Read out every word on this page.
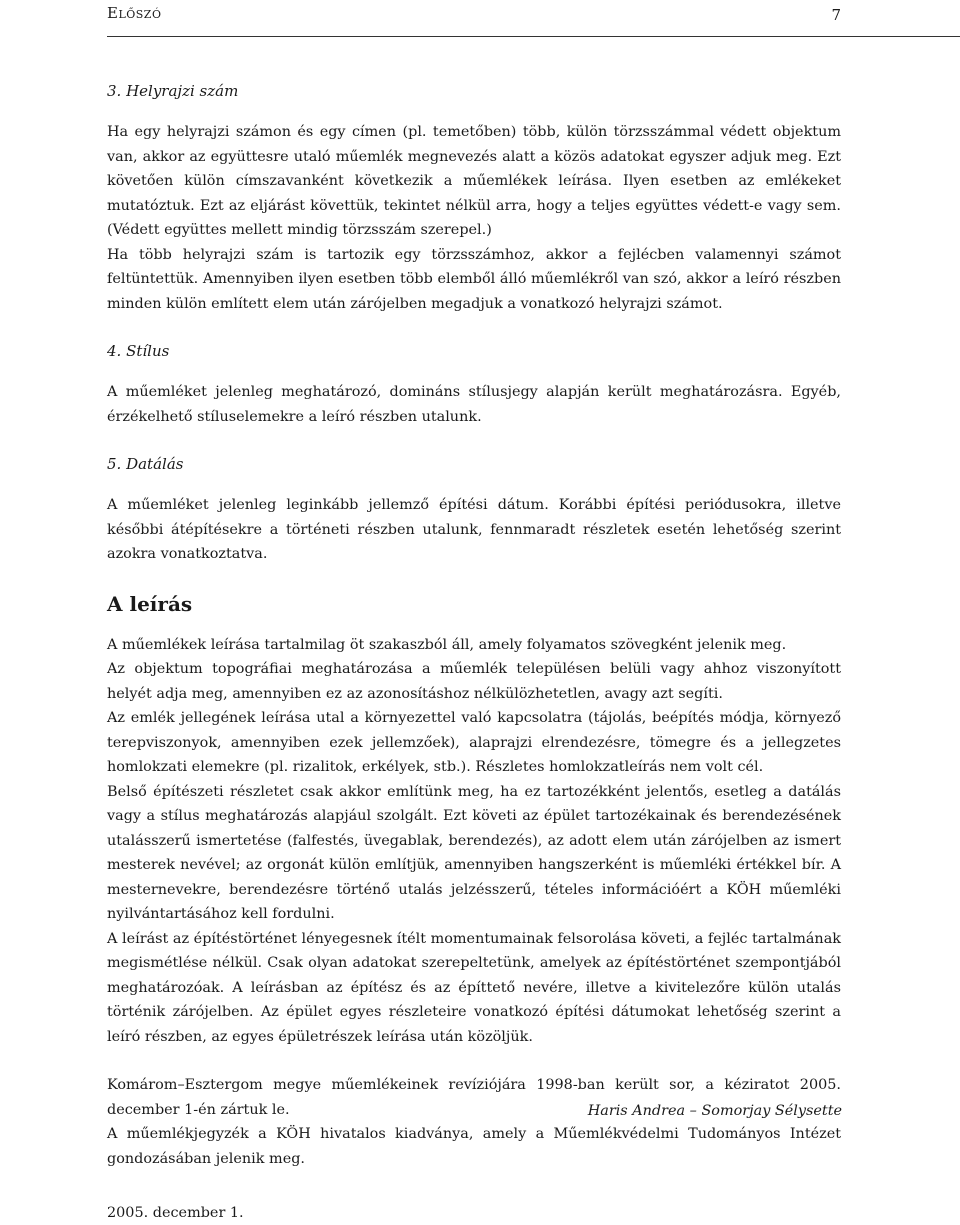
Előszó	7
3. Helyrajzi szám

Ha egy helyrajzi számon és egy címen (pl. temetőben) több, külön törzsszámmal védett objektum van, akkor az együttesre utaló műemlék megnevezés alatt a közös adatokat egyszer adjuk meg. Ezt követően külön címszavanként következik a műemlékek leírása. Ilyen esetben az emlékeket mutatóztuk. Ezt az eljárást követtük, tekintet nélkül arra, hogy a teljes együttes védett-e vagy sem. (Védett együttes mellett mindig törzsszám szerepel.)

Ha több helyrajzi szám is tartozik egy törzsszámhoz, akkor a fejlécben valamennyi számot feltüntettük. Amennyiben ilyen esetben több elemből álló műemlékről van szó, akkor a leíró részben minden külön említett elem után zárójelben megadjuk a vonatkozó helyrajzi számot.

4. Stílus

A műemléket jelenleg meghatározó, domináns stílusjegy alapján került meghatározásra. Egyéb, érzékelhető stíluselemekre a leíró részben utalunk.

5. Datálás

A műemléket jelenleg leginkább jellemző építési dátum. Korábbi építési periódusokra, illetve későbbi átépítésekre a történeti részben utalunk, fennmaradt részletek esetén lehetőség szerint azokra vonatkoztatva.

A leírás

A műemlékek leírása tartalmilag öt szakaszból áll, amely folyamatos szövegként jelenik meg.

Az objektum topográfiai meghatározása a műemlék településen belüli vagy ahhoz viszonyított helyét adja meg, amennyiben ez az azonosításhoz nélkülözhetetlen, avagy azt segíti.

Az emlék jellegének leírása utal a környezettel való kapcsolatra (tájolás, beépítés módja, környező terepviszonyok, amennyiben ezek jellemzőek), alaprajzi elrendezésre, tömegre és a jellegzetes homlokzati elemekre (pl. rizalitok, erkélyek, stb.). Részletes homlokzatleírás nem volt cél.

Belső építészeti részletet csak akkor említünk meg, ha ez tartozékként jelentős, esetleg a datálás vagy a stílus meghatározás alapjául szolgált. Ezt követi az épület tartozékainak és berendezésének utalásszerű ismertetése (falfestés, üvegablak, berendezés), az adott elem után zárójelben az ismert mesterek nevével; az orgonát külön említjük, amennyiben hangszerként is műemléki értékkel bír. A mesternevekre, berendezésre történő utalás jelzésszerű, tételes információért a KÖH műemléki nyilvántartásához kell fordulni.

A leírást az építéstörténet lényegesnek ítélt momentumainak felsorolása követi, a fejléc tartalmának megismétlése nélkül. Csak olyan adatokat szerepeltetünk, amelyek az építéstörténet szempontjából meghatározóak. A leírásban az építész és az építtető nevére, illetve a kivitelezőre külön utalás történik zárójelben. Az épület egyes részleteire vonatkozó építési dátumokat lehetőség szerint a leíró részben, az egyes épületrészek leírása után közöljük.

Komárom–Esztergom megye műemlékeinek revíziójára 1998-ban került sor, a kéziratot 2005. december 1-én zártuk le.

A műemlékjegyzék a KÖH hivatalos kiadványa, amely a Műemlékvédelmi Tudományos Intézet gondozásában jelenik meg.

2005. december 1.
Haris Andrea – Somorjay Sélysette
